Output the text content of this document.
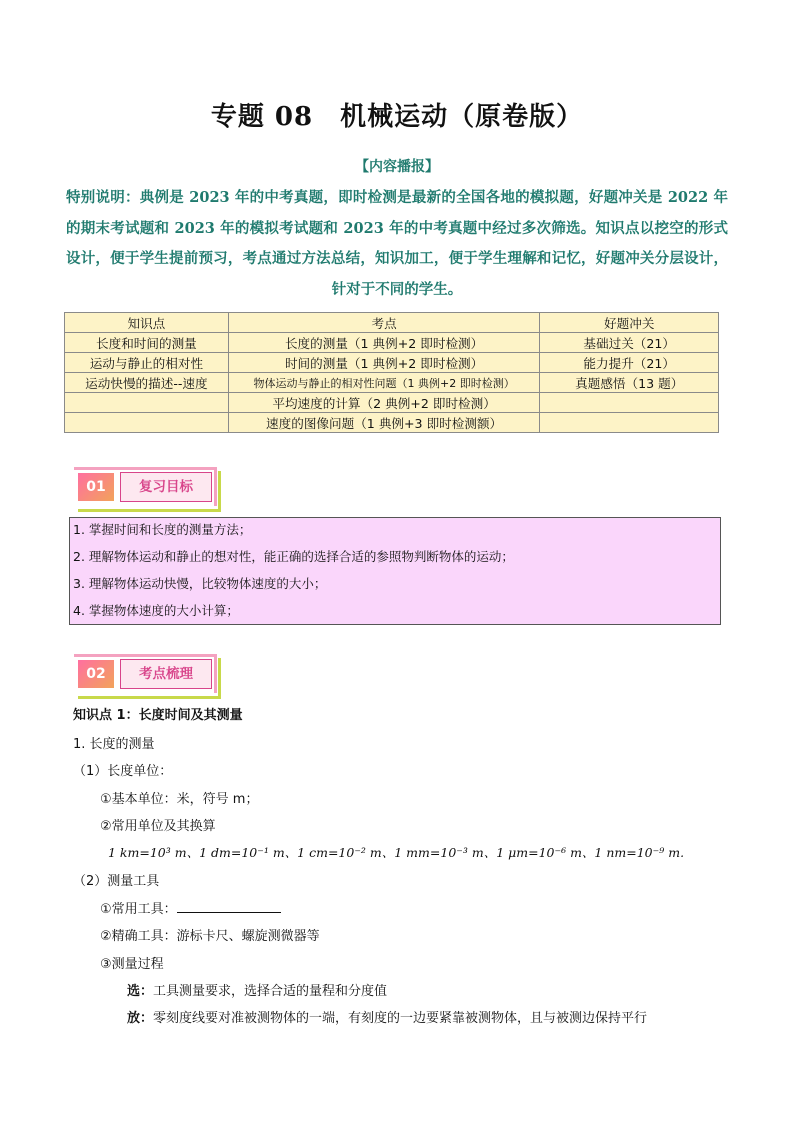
专题 08　机械运动（原卷版）
【内容播报】
特别说明：典例是 2023 年的中考真题，即时检测是最新的全国各地的模拟题，好题冲关是 2022 年的期末考试题和 2023 年的模拟考试题和 2023 年的中考真题中经过多次筛选。知识点以挖空的形式设计，便于学生提前预习，考点通过方法总结，知识加工，便于学生理解和记忆，好题冲关分层设计，针对于不同的学生。
知识点	考点	好题冲关
长度和时间的测量	长度的测量（1 典例+2 即时检测）	基础过关（21）
运动与静止的相对性	时间的测量（1 典例+2 即时检测）	能力提升（21）
运动快慢的描述--速度	物体运动与静止的相对性问题（1 典例+2 即时检测）	真题感悟（13 题）
	平均速度的计算（2 典例+2 即时检测）	
	速度的图像问题（1 典例+3 即时检测额）	
01	复习目标
1. 掌握时间和长度的测量方法；
2. 理解物体运动和静止的想对性，能正确的选择合适的参照物判断物体的运动；
3. 理解物体运动快慢，比较物体速度的大小；
4. 掌握物体速度的大小计算；
02	考点梳理
知识点 1：长度时间及其测量
1. 长度的测量
（1）长度单位：
①基本单位：米，符号 m；
②常用单位及其换算
1 km=10³ m、1 dm=10⁻¹ m、1 cm=10⁻² m、1 mm=10⁻³ m、1 μm=10⁻⁶ m、1 nm=10⁻⁹ m.
（2）测量工具
①常用工具：
②精确工具：游标卡尺、螺旋测微器等
③测量过程
选：工具测量要求，选择合适的量程和分度值
放：零刻度线要对准被测物体的一端，有刻度的一边要紧靠被测物体，且与被测边保持平行
